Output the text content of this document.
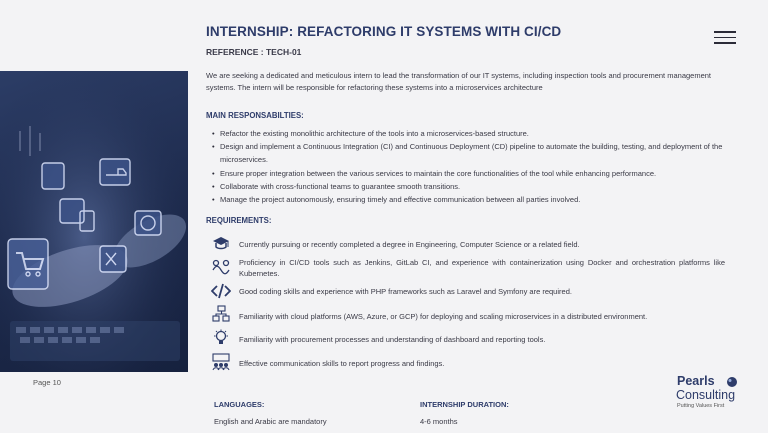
Page 10
INTERNSHIP: REFACTORING IT SYSTEMS WITH CI/CD
REFERENCE : TECH-01
We are seeking a dedicated and meticulous intern to lead the transformation of our IT systems, including inspection tools and procurement management systems. The intern will be responsible for refactoring these systems into a microservices architecture
MAIN RESPONSABILTIES:
• Refactor the existing monolithic architecture of the tools into a microservices-based structure.
• Design and implement a Continuous Integration (CI) and Continuous Deployment (CD) pipeline to automate the building, testing, and deployment of the microservices.
• Ensure proper integration between the various services to maintain the core functionalities of the tool while enhancing performance.
• Collaborate with cross-functional teams to guarantee smooth transitions.
• Manage the project autonomously, ensuring timely and effective communication between all parties involved.
REQUIREMENTS:
Currently pursuing or recently completed a degree in Engineering, Computer Science or a related field.
Proficiency in CI/CD tools such as Jenkins, GitLab CI, and experience with containerization using Docker and orchestration platforms like Kubernetes.
Good coding skills and experience with PHP frameworks such as Laravel and Symfony are required.
Familiarity with cloud platforms (AWS, Azure, or GCP) for deploying and scaling microservices in a distributed environment.
Familiarity with procurement processes and understanding of dashboard and reporting tools.
Effective communication skills to report progress and findings.
LANGUAGES:
English and Arabic are mandatory
INTERNSHIP DURATION:
4-6 months
Pearls
Consulting
Putting Values First
